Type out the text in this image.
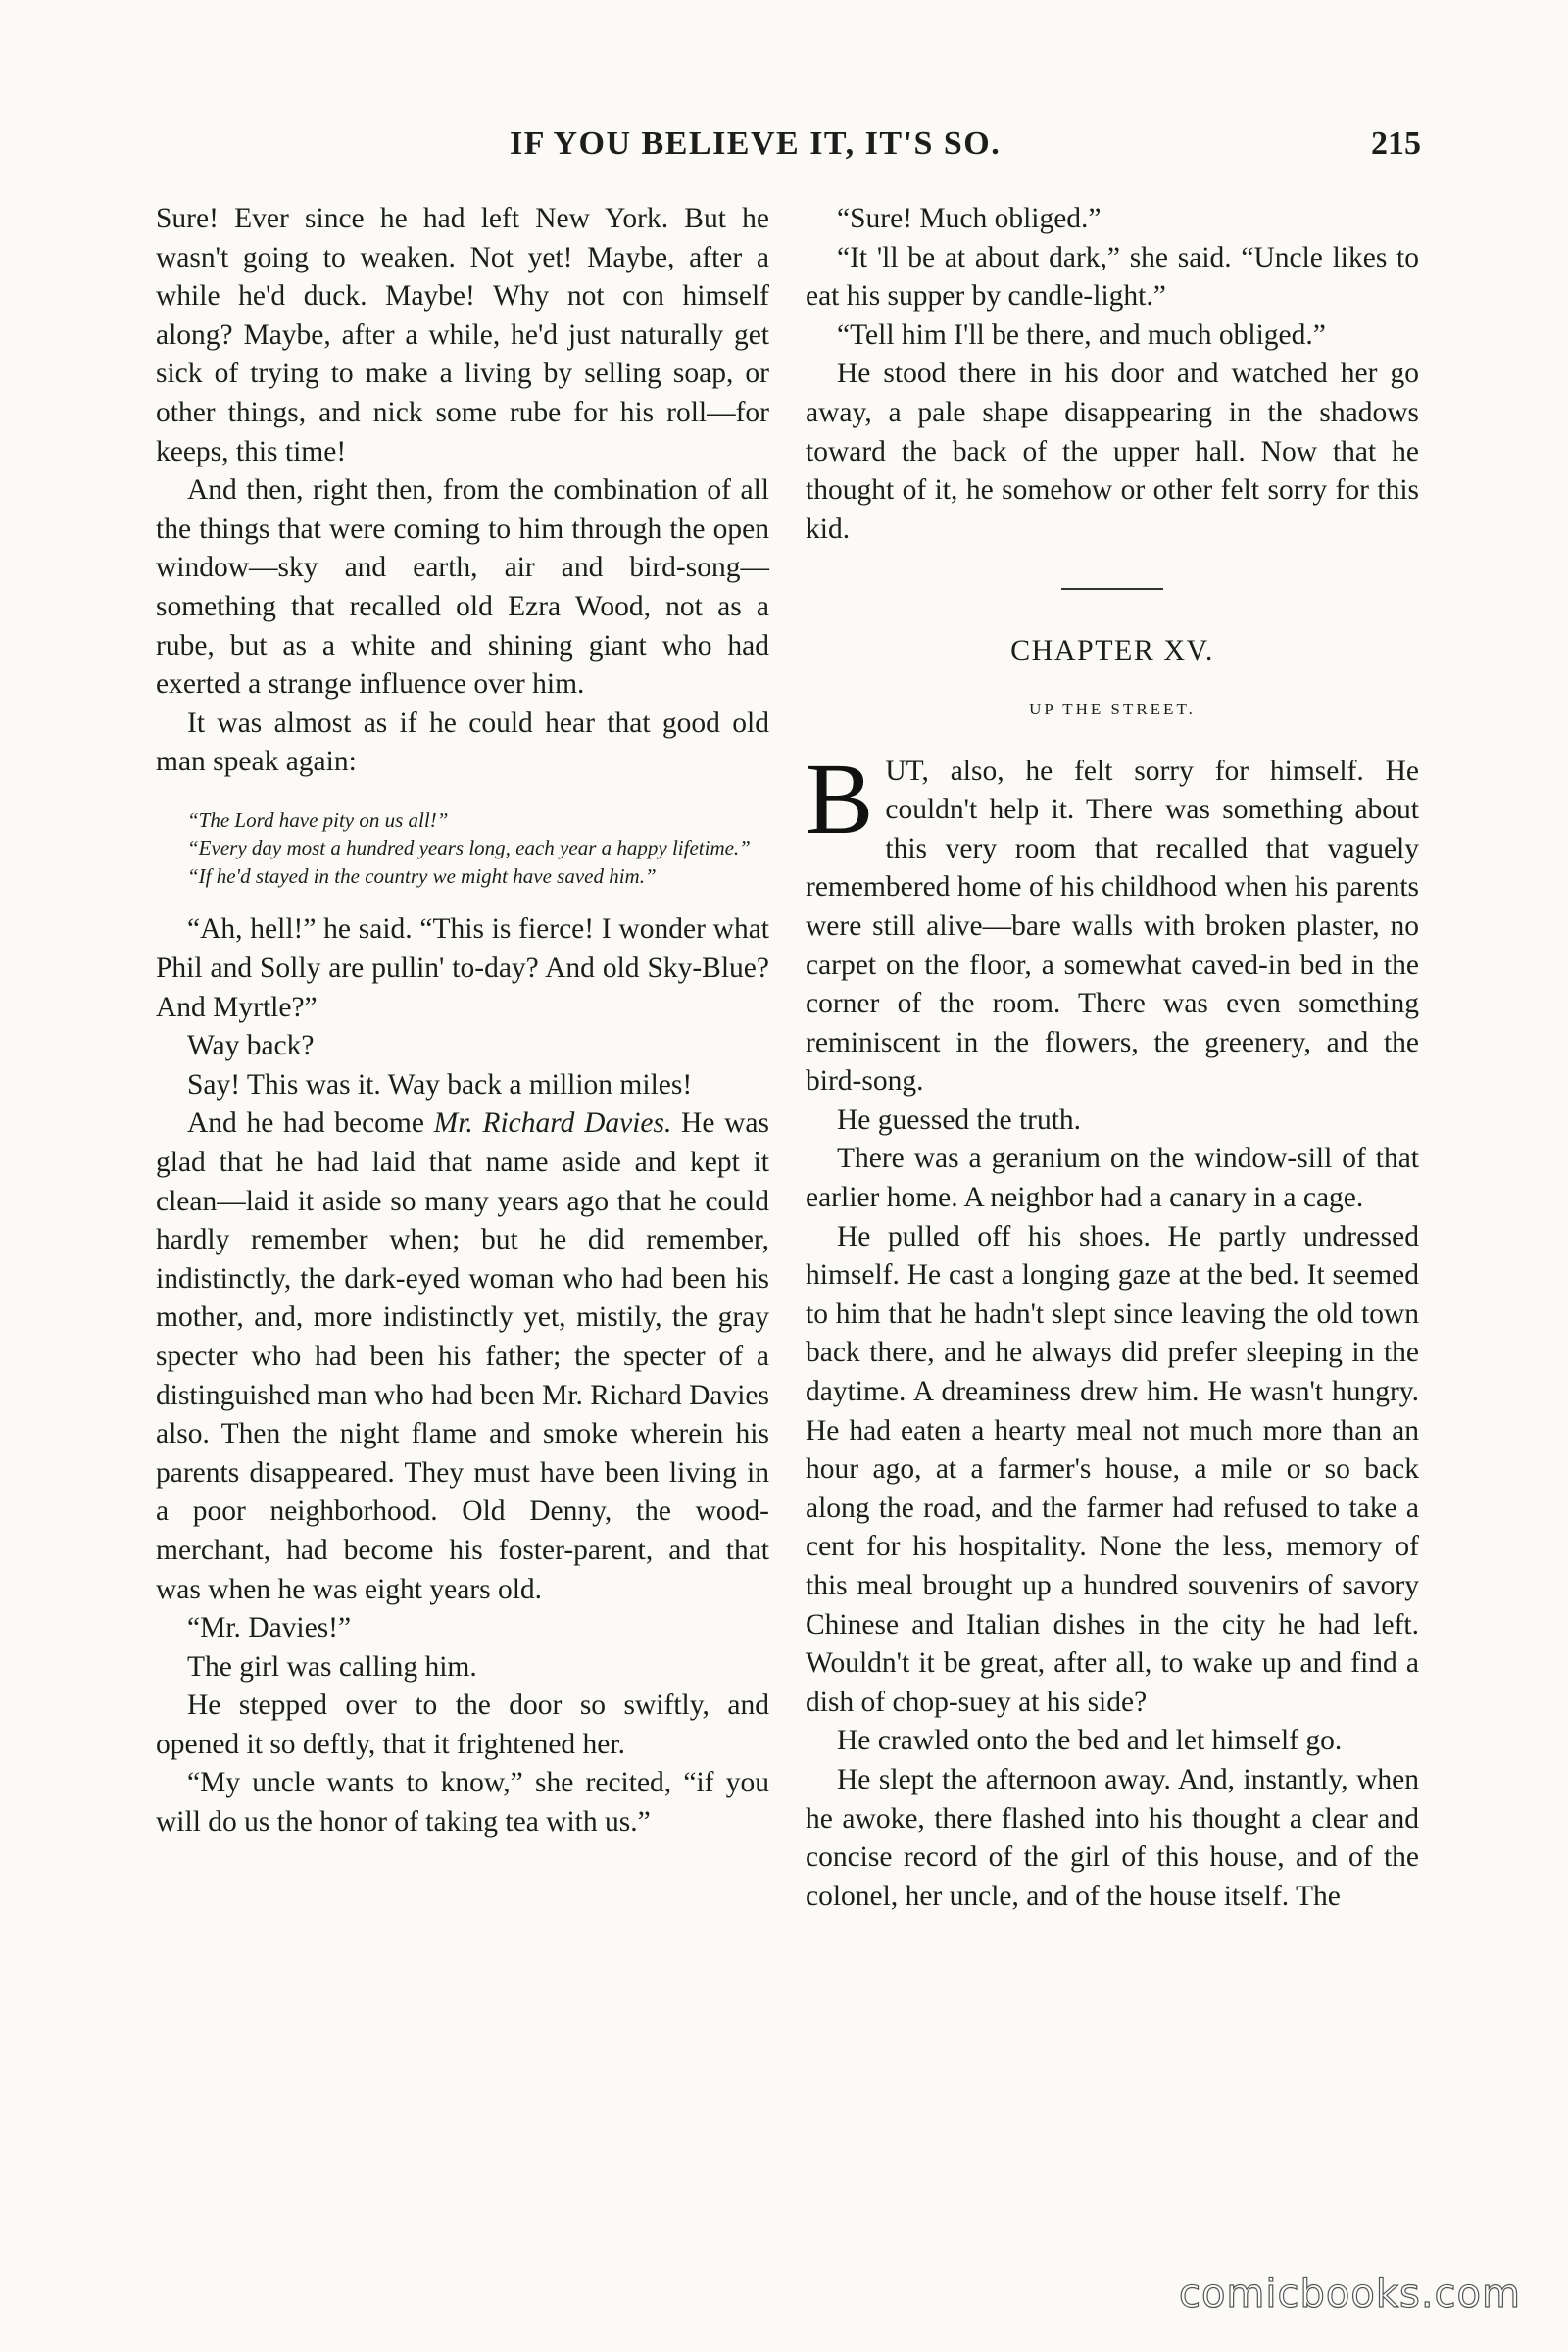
IF YOU BELIEVE IT, IT'S SO.	215

Sure! Ever since he had left New York. But he wasn't going to weaken. Not yet! Maybe, after a while he'd duck. Maybe! Why not con himself along? Maybe, after a while, he'd just naturally get sick of trying to make a living by selling soap, or other things, and nick some rube for his roll—for keeps, this time!

And then, right then, from the combination of all the things that were coming to him through the open window—sky and earth, air and bird-song—something that recalled old Ezra Wood, not as a rube, but as a white and shining giant who had exerted a strange influence over him.

It was almost as if he could hear that good old man speak again:

“The Lord have pity on us all!”

“Every day most a hundred years long, each year a happy lifetime.”

“If he'd stayed in the country we might have saved him.”

“Ah, hell!” he said. “This is fierce! I wonder what Phil and Solly are pullin' to-day? And old Sky-Blue? And Myrtle?”

Way back?

Say! This was it. Way back a million miles!

And he had become Mr. Richard Davies. He was glad that he had laid that name aside and kept it clean—laid it aside so many years ago that he could hardly remember when; but he did remember, indistinctly, the dark-eyed woman who had been his mother, and, more indistinctly yet, mistily, the gray specter who had been his father; the specter of a distinguished man who had been Mr. Richard Davies also. Then the night flame and smoke wherein his parents disappeared. They must have been living in a poor neighborhood. Old Denny, the wood-merchant, had become his foster-parent, and that was when he was eight years old.

“Mr. Davies!”

The girl was calling him.

He stepped over to the door so swiftly, and opened it so deftly, that it frightened her.

“My uncle wants to know,” she recited, “if you will do us the honor of taking tea with us.”

“Sure! Much obliged.”

“It 'll be at about dark,” she said. “Uncle likes to eat his supper by candle-light.”

“Tell him I'll be there, and much obliged.”

He stood there in his door and watched her go away, a pale shape disappearing in the shadows toward the back of the upper hall. Now that he thought of it, he somehow or other felt sorry for this kid.

CHAPTER XV.
UP THE STREET.

BUT, also, he felt sorry for himself. He couldn't help it. There was something about this very room that recalled that vaguely remembered home of his childhood when his parents were still alive—bare walls with broken plaster, no carpet on the floor, a somewhat caved-in bed in the corner of the room. There was even something reminiscent in the flowers, the greenery, and the bird-song.

He guessed the truth.

There was a geranium on the window-sill of that earlier home. A neighbor had a canary in a cage.

He pulled off his shoes. He partly undressed himself. He cast a longing gaze at the bed. It seemed to him that he hadn't slept since leaving the old town back there, and he always did prefer sleeping in the daytime. A dreaminess drew him. He wasn't hungry. He had eaten a hearty meal not much more than an hour ago, at a farmer's house, a mile or so back along the road, and the farmer had refused to take a cent for his hospitality. None the less, memory of this meal brought up a hundred souvenirs of savory Chinese and Italian dishes in the city he had left. Wouldn't it be great, after all, to wake up and find a dish of chop-suey at his side?

He crawled onto the bed and let himself go.

He slept the afternoon away. And, instantly, when he awoke, there flashed into his thought a clear and concise record of the girl of this house, and of the colonel, her uncle, and of the house itself. The

comicbooks.com
